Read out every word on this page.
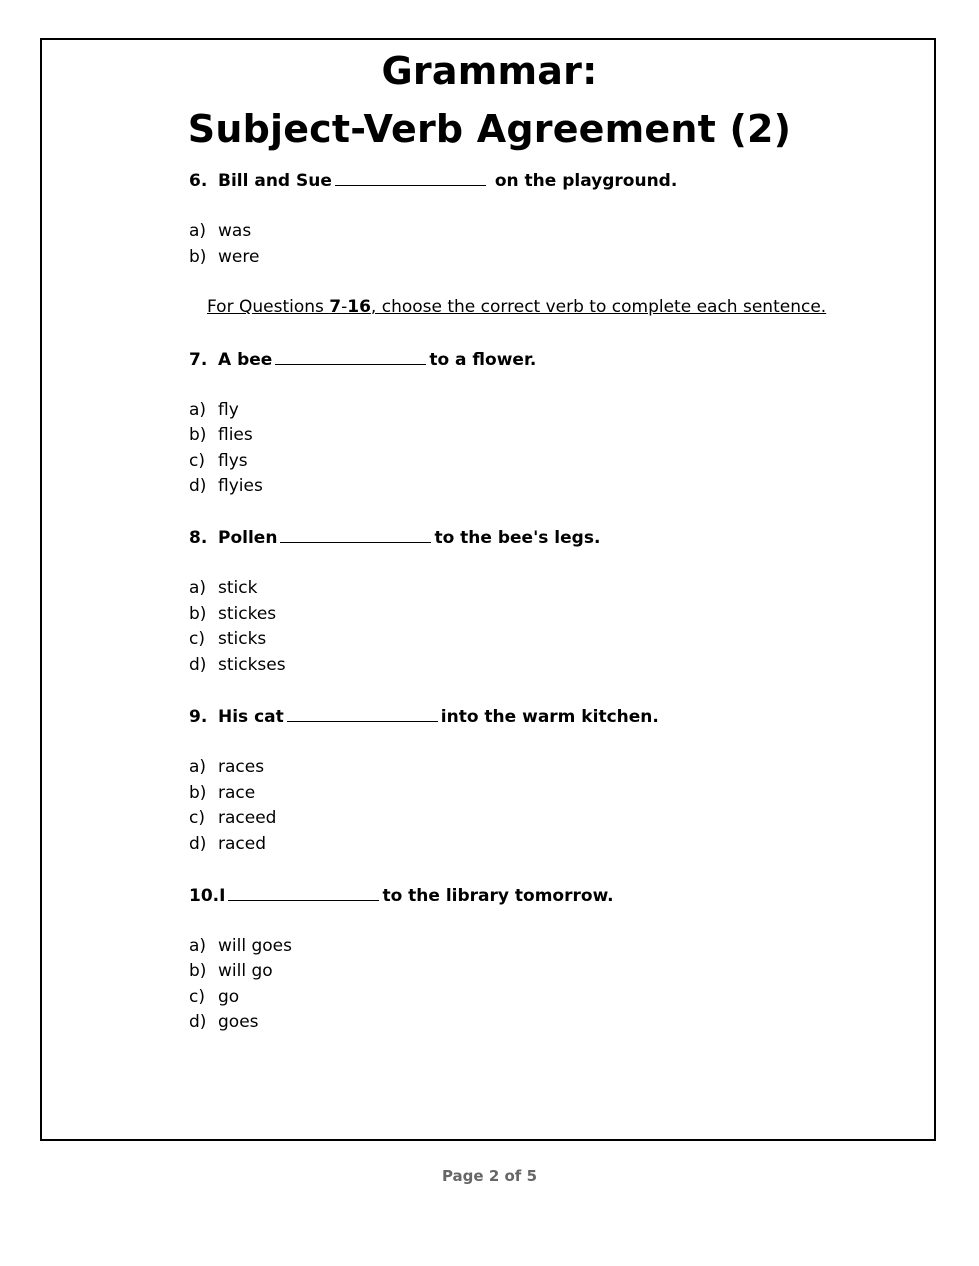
Grammar:
Subject-Verb Agreement (2)
6. Bill and Sue	on the playground.
a) was
b) were
For Questions 7-16, choose the correct verb to complete each sentence.
7. A bee	to a flower.
a) fly
b) flies
c) flys
d) flyies
8. Pollen	to the bee's legs.
a) stick
b) stickes
c) sticks
d) stickses
9. His cat	into the warm kitchen.
a) races
b) race
c) raceed
d) raced
10.I	to the library tomorrow.
a) will goes
b) will go
c) go
d) goes
Page 2 of 5
